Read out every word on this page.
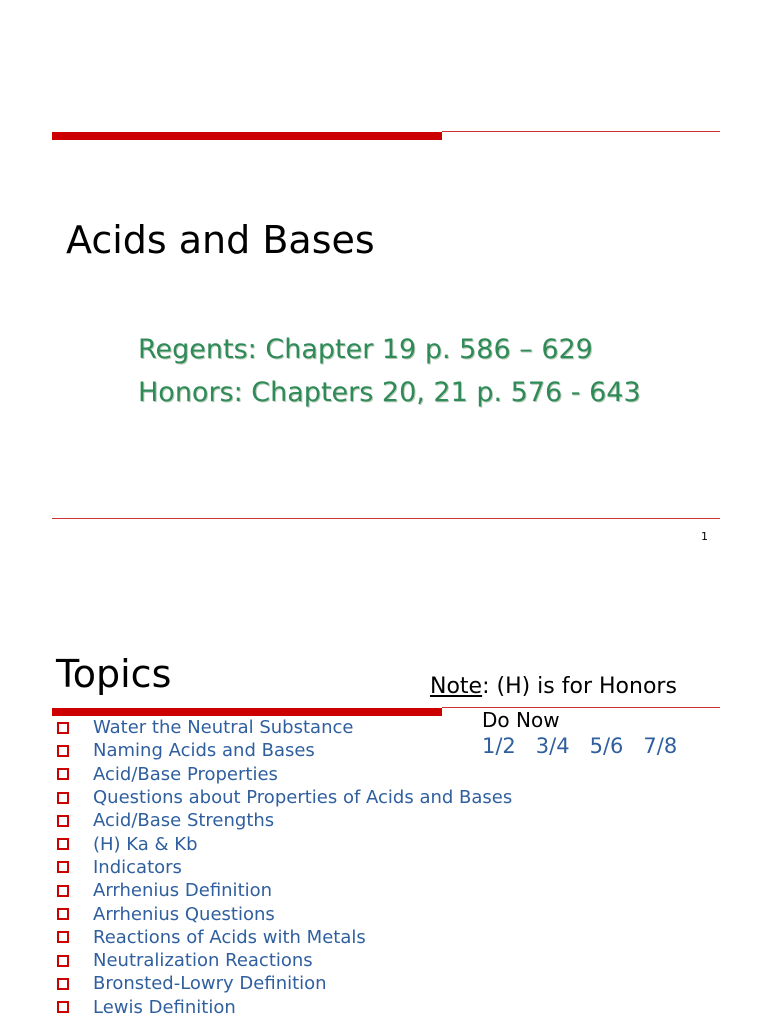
Acids and Bases
Regents: Chapter 19 p. 586 – 629
Honors: Chapters 20, 21 p. 576 - 643
1
Topics	Note: (H) is for Honors
Do Now
1/2 3/4 5/6 7/8
Water the Neutral Substance
Naming Acids and Bases
Acid/Base Properties
Questions about Properties of Acids and Bases
Acid/Base Strengths
(H) Ka & Kb
Indicators
Arrhenius Definition
Arrhenius Questions
Reactions of Acids with Metals
Neutralization Reactions
Bronsted-Lowry Definition
Lewis Definition
